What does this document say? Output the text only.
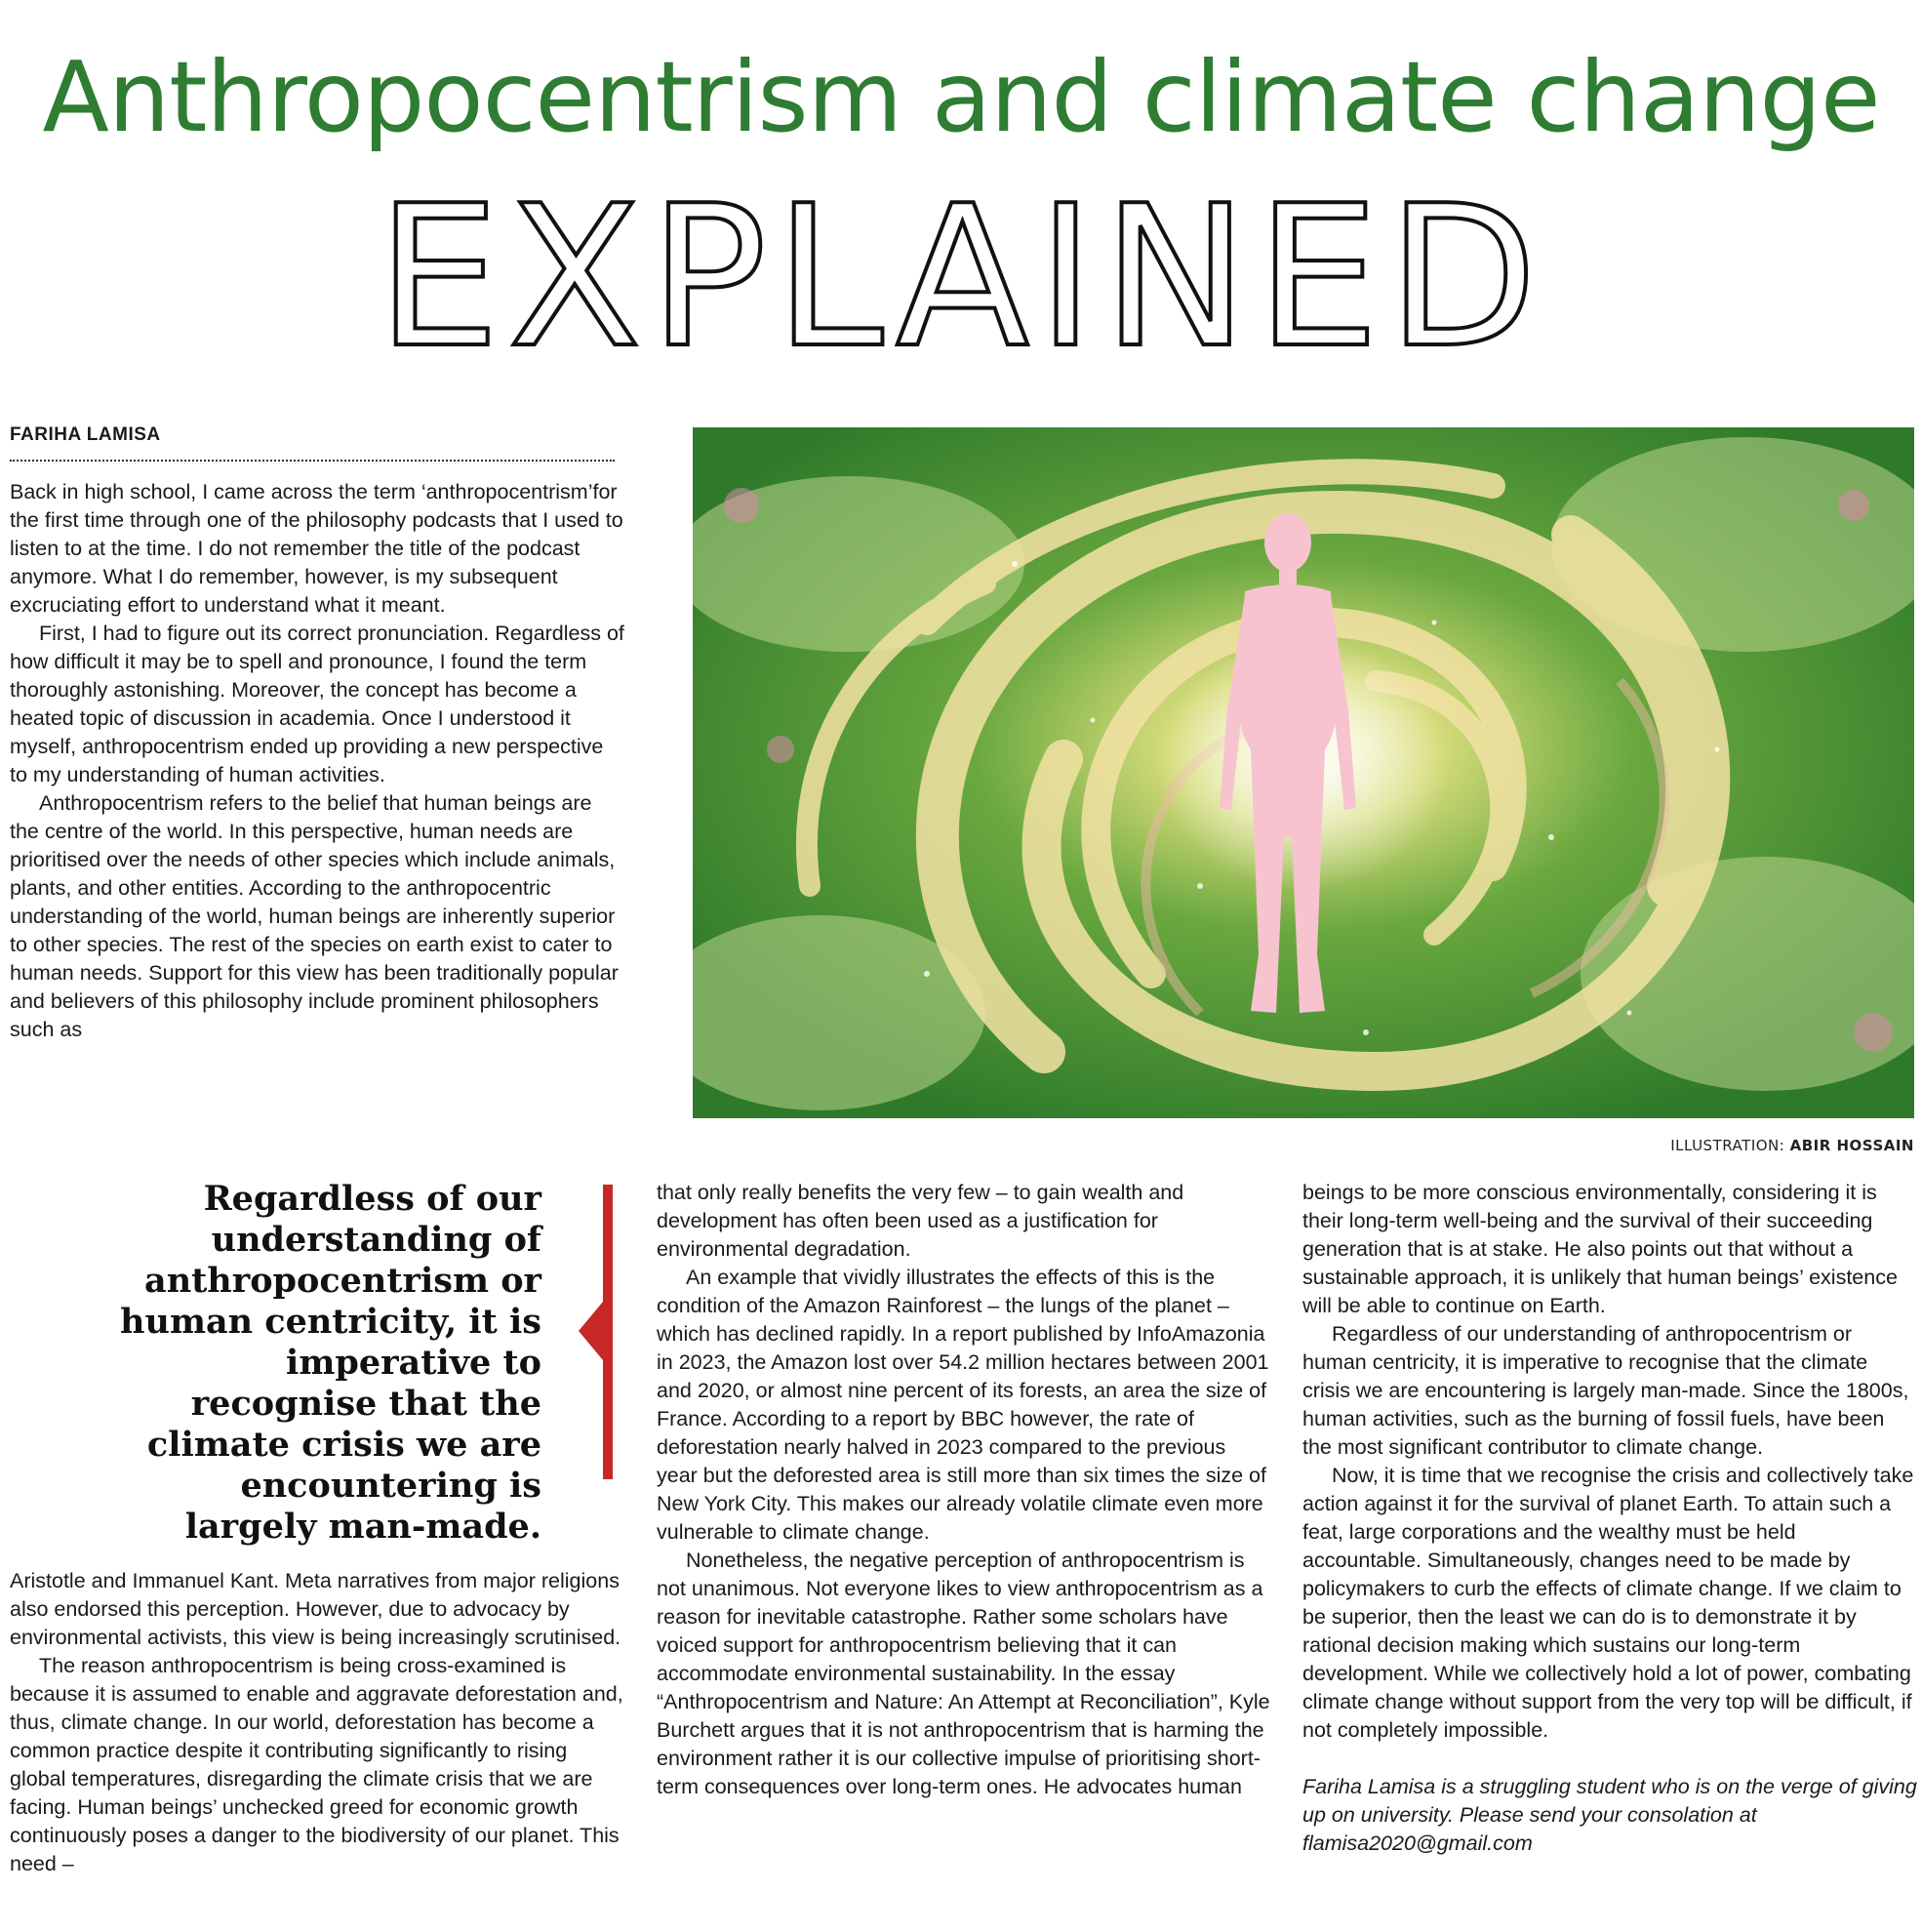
Anthropocentrism and climate change
EXPLAINED
FARIHA LAMISA

Back in high school, I came across the term ‘anthropocentrism’for the first time through one of the philosophy podcasts that I used to listen to at the time. I do not remember the title of the podcast anymore. What I do remember, however, is my subsequent excruciating effort to understand what it meant.

First, I had to figure out its correct pronunciation. Regardless of how difficult it may be to spell and pronounce, I found the term thoroughly astonishing. Moreover, the concept has become a heated topic of discussion in academia. Once I understood it myself, anthropocentrism ended up providing a new perspective to my understanding of human activities.

Anthropocentrism refers to the belief that human beings are the centre of the world. In this perspective, human needs are prioritised over the needs of other species which include animals, plants, and other entities. According to the anthropocentric understanding of the world, human beings are inherently superior to other species. The rest of the species on earth exist to cater to human needs. Support for this view has been traditionally popular and believers of this philosophy include prominent philosophers such as

ILLUSTRATION: ABIR HOSSAIN
Regardless of our understanding of anthropocentrism or human centricity, it is imperative to recognise that the climate crisis we are encountering is largely man-made.

Aristotle and Immanuel Kant. Meta narratives from major religions also endorsed this perception. However, due to advocacy by environmental activists, this view is being increasingly scrutinised.

The reason anthropocentrism is being cross-examined is because it is assumed to enable and aggravate deforestation and, thus, climate change. In our world, deforestation has become a common practice despite it contributing significantly to rising global temperatures, disregarding the climate crisis that we are facing. Human beings’ unchecked greed for economic growth continuously poses a danger to the biodiversity of our planet. This need –

that only really benefits the very few – to gain wealth and development has often been used as a justification for environmental degradation.

An example that vividly illustrates the effects of this is the condition of the Amazon Rainforest – the lungs of the planet – which has declined rapidly. In a report published by InfoAmazonia in 2023, the Amazon lost over 54.2 million hectares between 2001 and 2020, or almost nine percent of its forests, an area the size of France. According to a report by BBC however, the rate of deforestation nearly halved in 2023 compared to the previous year but the deforested area is still more than six times the size of New York City. This makes our already volatile climate even more vulnerable to climate change.

Nonetheless, the negative perception of anthropocentrism is not unanimous. Not everyone likes to view anthropocentrism as a reason for inevitable catastrophe. Rather some scholars have voiced support for anthropocentrism believing that it can accommodate environmental sustainability. In the essay “Anthropocentrism and Nature: An Attempt at Reconciliation”, Kyle Burchett argues that it is not anthropocentrism that is harming the environment rather it is our collective impulse of prioritising short-term consequences over long-term ones. He advocates human

beings to be more conscious environmentally, considering it is their long-term well-being and the survival of their succeeding generation that is at stake. He also points out that without a sustainable approach, it is unlikely that human beings’ existence will be able to continue on Earth.

Regardless of our understanding of anthropocentrism or human centricity, it is imperative to recognise that the climate crisis we are encountering is largely man-made. Since the 1800s, human activities, such as the burning of fossil fuels, have been the most significant contributor to climate change.

Now, it is time that we recognise the crisis and collectively take action against it for the survival of planet Earth. To attain such a feat, large corporations and the wealthy must be held accountable. Simultaneously, changes need to be made by policymakers to curb the effects of climate change. If we claim to be superior, then the least we can do is to demonstrate it by rational decision making which sustains our long-term development. While we collectively hold a lot of power, combating climate change without support from the very top will be difficult, if not completely impossible.

Fariha Lamisa is a struggling student who is on the verge of giving up on university. Please send your consolation at flamisa2020@gmail.com
